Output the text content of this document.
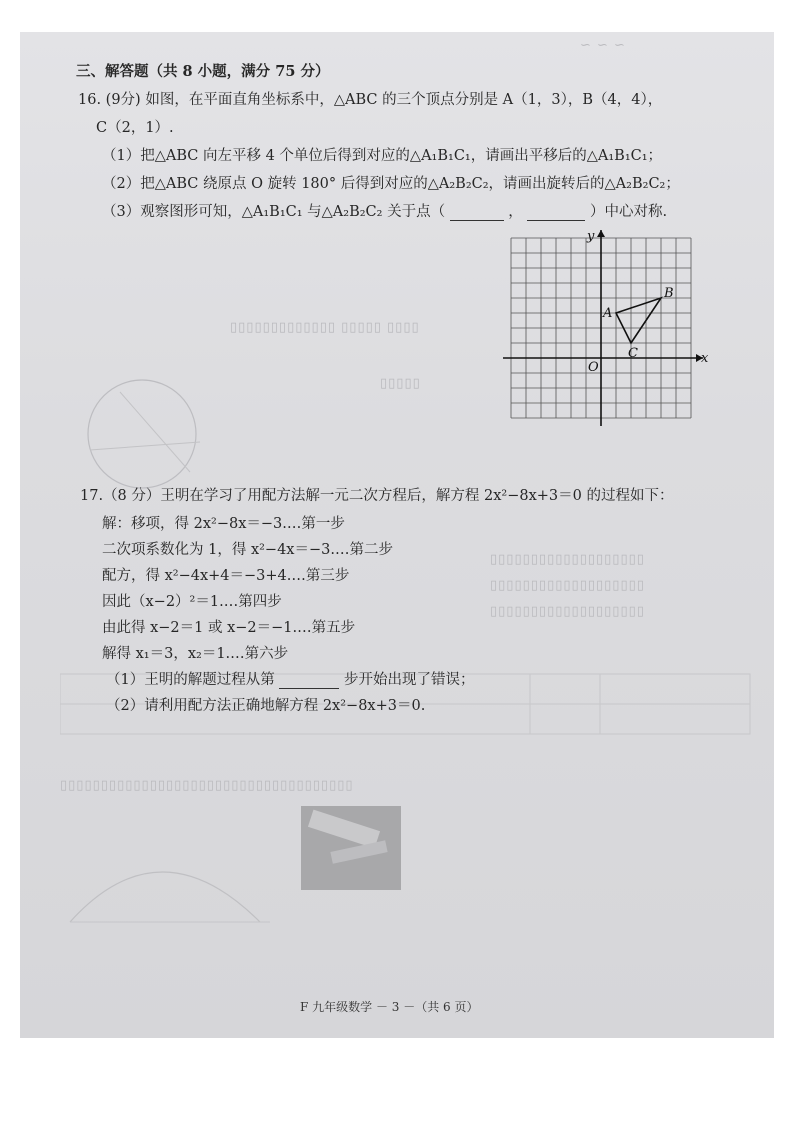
∽ ∽ ∽
▯▯▯▯▯▯▯▯▯▯▯▯▯ ▯▯▯▯▯ ▯▯▯▯
▯▯▯▯▯
▯▯▯▯▯▯▯▯▯▯▯▯▯▯▯▯▯▯▯
▯▯▯▯▯▯▯▯▯▯▯▯▯▯▯▯▯▯▯
▯▯▯▯▯▯▯▯▯▯▯▯▯▯▯▯▯▯▯
▯▯▯▯▯▯▯▯▯▯▯▯▯▯▯▯▯▯▯▯▯▯▯▯▯▯▯▯▯▯▯▯▯▯▯▯
三、解答题（共 8 小题，满分 75 分）
16. (9分) 如图，在平面直角坐标系中，△ABC 的三个顶点分别是 A（1，3），B（4，4），
C（2，1）.
（1）把△ABC 向左平移 4 个单位后得到对应的△A₁B₁C₁，请画出平移后的△A₁B₁C₁；
（2）把△ABC 绕原点 O 旋转 180° 后得到对应的△A₂B₂C₂，请画出旋转后的△A₂B₂C₂；
（3）观察图形可知，△A₁B₁C₁ 与△A₂B₂C₂ 关于点（	，	）中心对称.
x
y
O
A
B
C
17.（8 分）王明在学习了用配方法解一元二次方程后，解方程 2x²−8x+3＝0 的过程如下：
解：移项，得 2x²−8x＝−3.…第一步
二次项系数化为 1，得 x²−4x＝−3.…第二步
配方，得 x²−4x+4＝−3+4.…第三步
因此（x−2）²＝1.…第四步
由此得 x−2＝1 或 x−2＝−1.…第五步
解得 x₁＝3，x₂＝1.…第六步
（1）王明的解题过程从第	步开始出现了错误；
（2）请利用配方法正确地解方程 2x²−8x+3＝0.
F 九年级数学 － 3 －（共 6 页）
